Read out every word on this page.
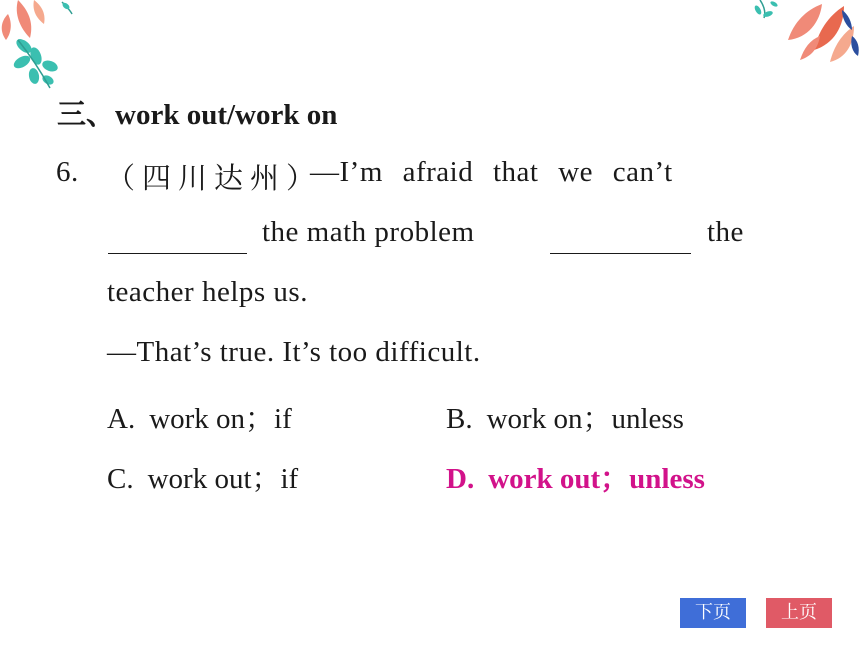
三、work out/work on
6. （四川达州）
—I’m afraid that we can’t
the math problem	the
teacher helps us.
—That’s true. It’s too difficult.
A. work on；if	B. work on；unless
C. work out；if	D. work out；unless
下页	上页
